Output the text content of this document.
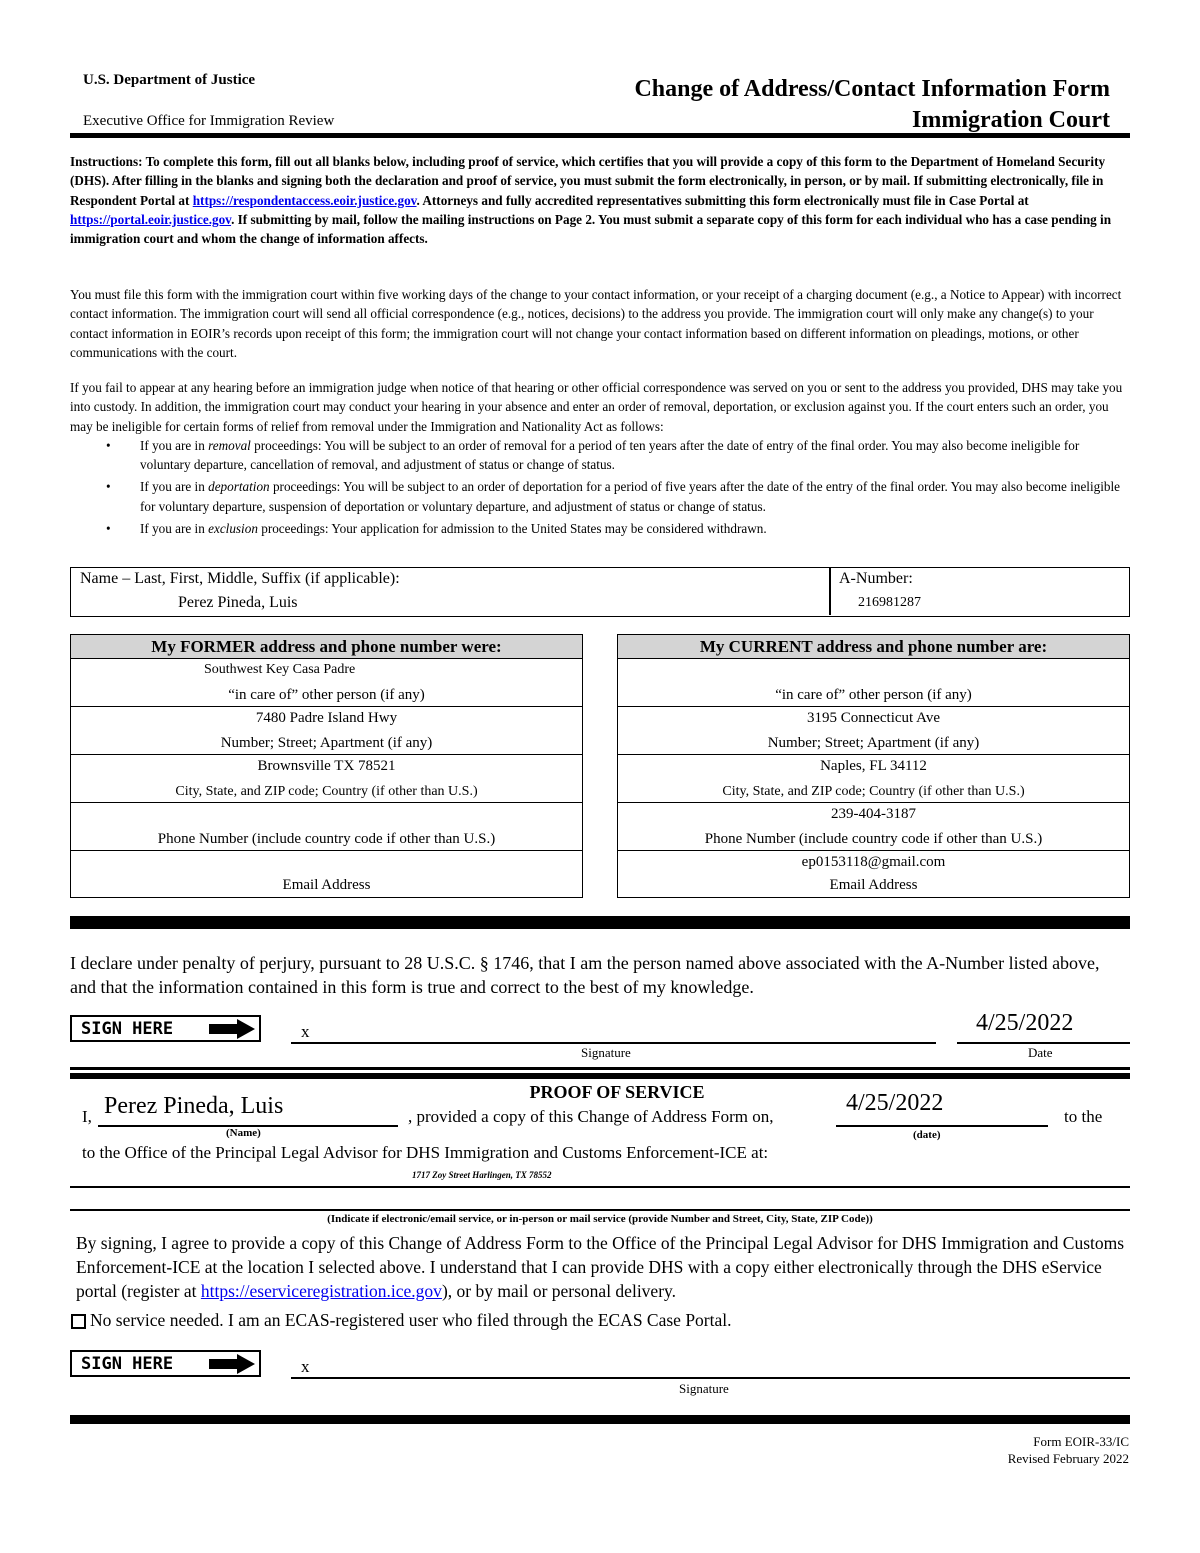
U.S. Department of Justice
Executive Office for Immigration Review
Change of Address/Contact Information Form
Immigration Court
Instructions: To complete this form, fill out all blanks below, including proof of service, which certifies that you will provide a copy of this form to the Department of Homeland Security (DHS). After filling in the blanks and signing both the declaration and proof of service, you must submit the form electronically, in person, or by mail. If submitting electronically, file in Respondent Portal at https://respondentaccess.eoir.justice.gov. Attorneys and fully accredited representatives submitting this form electronically must file in Case Portal at https://portal.eoir.justice.gov. If submitting by mail, follow the mailing instructions on Page 2. You must submit a separate copy of this form for each individual who has a case pending in immigration court and whom the change of information affects.
You must file this form with the immigration court within five working days of the change to your contact information, or your receipt of a charging document (e.g., a Notice to Appear) with incorrect contact information. The immigration court will send all official correspondence (e.g., notices, decisions) to the address you provide. The immigration court will only make any change(s) to your contact information in EOIR’s records upon receipt of this form; the immigration court will not change your contact information based on different information on pleadings, motions, or other communications with the court.
If you fail to appear at any hearing before an immigration judge when notice of that hearing or other official correspondence was served on you or sent to the address you provided, DHS may take you into custody. In addition, the immigration court may conduct your hearing in your absence and enter an order of removal, deportation, or exclusion against you. If the court enters such an order, you may be ineligible for certain forms of relief from removal under the Immigration and Nationality Act as follows:
• If you are in removal proceedings: You will be subject to an order of removal for a period of ten years after the date of entry of the final order. You may also become ineligible for voluntary departure, cancellation of removal, and adjustment of status or change of status.
• If you are in deportation proceedings: You will be subject to an order of deportation for a period of five years after the date of the entry of the final order. You may also become ineligible for voluntary departure, suspension of deportation or voluntary departure, and adjustment of status or change of status.
• If you are in exclusion proceedings: Your application for admission to the United States may be considered withdrawn.
Name – Last, First, Middle, Suffix (if applicable):
Perez Pineda, Luis
A-Number:
216981287
My FORMER address and phone number were:
Southwest Key Casa Padre
“in care of” other person (if any)
7480 Padre Island Hwy
Number; Street; Apartment (if any)
Brownsville TX 78521
City, State, and ZIP code; Country (if other than U.S.)
Phone Number (include country code if other than U.S.)
Email Address
My CURRENT address and phone number are:
“in care of” other person (if any)
3195 Connecticut Ave
Number; Street; Apartment (if any)
Naples, FL 34112
City, State, and ZIP code; Country (if other than U.S.)
239-404-3187
Phone Number (include country code if other than U.S.)
ep0153118@gmail.com
Email Address
I declare under penalty of perjury, pursuant to 28 U.S.C. § 1746, that I am the person named above associated with the A-Number listed above, and that the information contained in this form is true and correct to the best of my knowledge.
SIGN HERE	x
Signature
4/25/2022
Date
PROOF OF SERVICE
I, Perez Pineda, Luis	, provided a copy of this Change of Address Form on,
4/25/2022
to the
(Name)	(date)
to the Office of the Principal Legal Advisor for DHS Immigration and Customs Enforcement-ICE at:
1717 Zoy Street Harlingen, TX 78552
(Indicate if electronic/email service, or in-person or mail service (provide Number and Street, City, State, ZIP Code))
By signing, I agree to provide a copy of this Change of Address Form to the Office of the Principal Legal Advisor for DHS Immigration and Customs Enforcement-ICE at the location I selected above. I understand that I can provide DHS with a copy either electronically through the DHS eService portal (register at https://eserviceregistration.ice.gov), or by mail or personal delivery.
No service needed. I am an ECAS-registered user who filed through the ECAS Case Portal.
SIGN HERE	x
Signature
Form EOIR-33/IC
Revised February 2022
